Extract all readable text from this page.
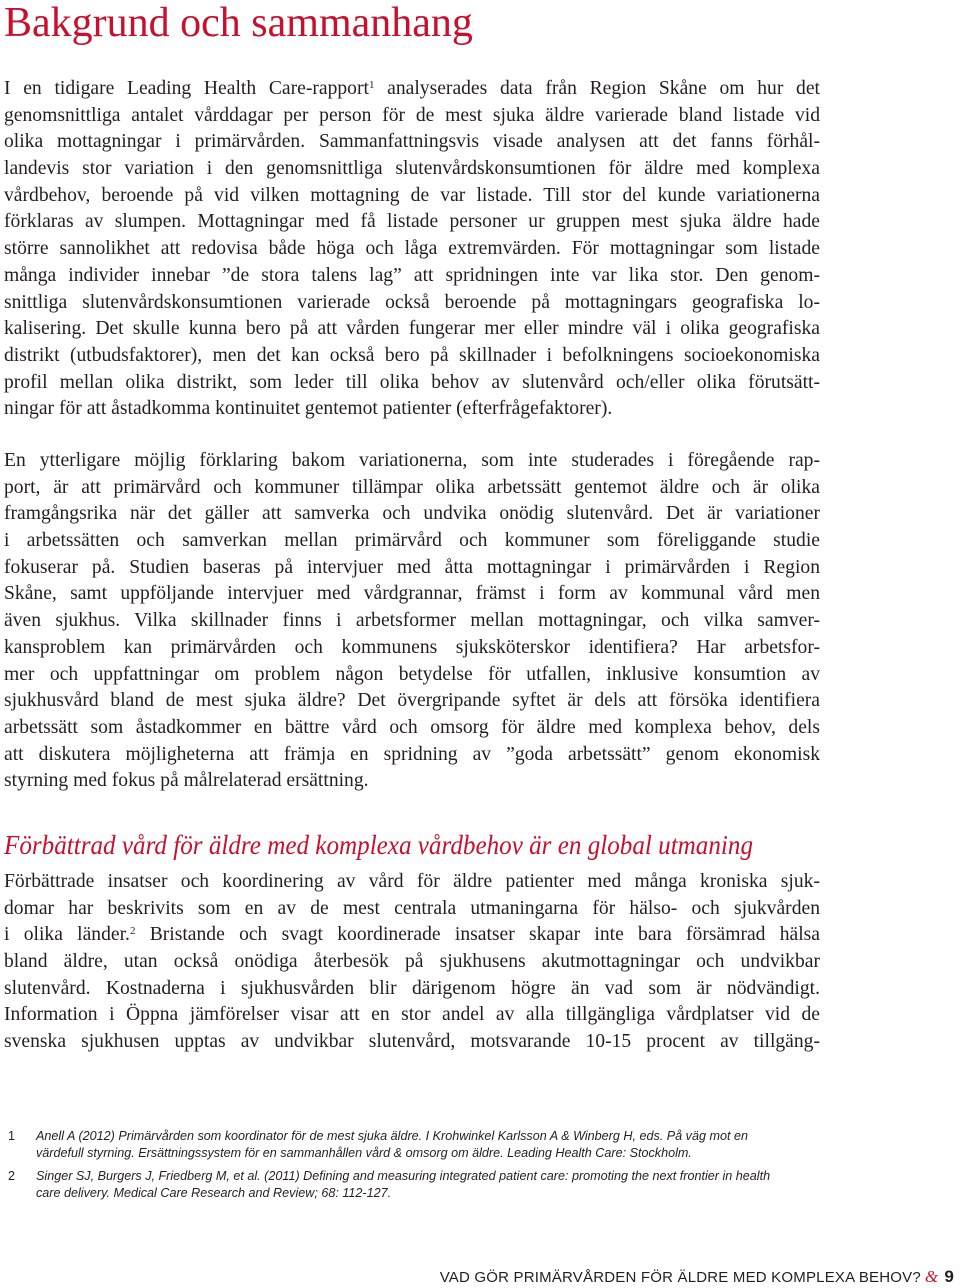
Bakgrund och sammanhang
I en tidigare Leading Health Care-rapport$^1$ analyserades data från Region Skåne om hur det
genomsnittliga antalet vårddagar per person för de mest sjuka äldre varierade bland listade vid
olika mottagningar i primärvården. Sammanfattningsvis visade analysen att det fanns förhål-
landevis stor variation i den genomsnittliga slutenvårdskonsumtionen för äldre med komplexa
vårdbehov, beroende på vid vilken mottagning de var listade. Till stor del kunde variationerna
förklaras av slumpen. Mottagningar med få listade personer ur gruppen mest sjuka äldre hade
större sannolikhet att redovisa både höga och låga extremvärden. För mottagningar som listade
många individer innebar ”de stora talens lag” att spridningen inte var lika stor. Den genom-
snittliga slutenvårdskonsumtionen varierade också beroende på mottagningars geografiska lo-
kalisering. Det skulle kunna bero på att vården fungerar mer eller mindre väl i olika geografiska
distrikt (utbudsfaktorer), men det kan också bero på skillnader i befolkningens socioekonomiska
profil mellan olika distrikt, som leder till olika behov av slutenvård och/eller olika förutsätt-
ningar för att åstadkomma kontinuitet gentemot patienter (efterfrågefaktorer).
En ytterligare möjlig förklaring bakom variationerna, som inte studerades i föregående rap-
port, är att primärvård och kommuner tillämpar olika arbetssätt gentemot äldre och är olika
framgångsrika när det gäller att samverka och undvika onödig slutenvård. Det är variationer
i arbetssätten och samverkan mellan primärvård och kommuner som föreliggande studie
fokuserar på. Studien baseras på intervjuer med åtta mottagningar i primärvården i Region
Skåne, samt uppföljande intervjuer med vårdgrannar, främst i form av kommunal vård men
även sjukhus. Vilka skillnader finns i arbetsformer mellan mottagningar, och vilka samver-
kansproblem kan primärvården och kommunens sjuksköterskor identifiera? Har arbetsfor-
mer och uppfattningar om problem någon betydelse för utfallen, inklusive konsumtion av
sjukhusvård bland de mest sjuka äldre? Det övergripande syftet är dels att försöka identifiera
arbetssätt som åstadkommer en bättre vård och omsorg för äldre med komplexa behov, dels
att diskutera möjligheterna att främja en spridning av ”goda arbetssätt” genom ekonomisk
styrning med fokus på målrelaterad ersättning.
Förbättrad vård för äldre med komplexa vårdbehov är en global utmaning
Förbättrade insatser och koordinering av vård för äldre patienter med många kroniska sjuk-
domar har beskrivits som en av de mest centrala utmaningarna för hälso- och sjukvården
i olika länder.$^2$ Bristande och svagt koordinerade insatser skapar inte bara försämrad hälsa
bland äldre, utan också onödiga återbesök på sjukhusens akutmottagningar och undvikbar
slutenvård. Kostnaderna i sjukhusvården blir därigenom högre än vad som är nödvändigt.
Information i Öppna jämförelser visar att en stor andel av alla tillgängliga vårdplatser vid de
svenska sjukhusen upptas av undvikbar slutenvård, motsvarande 10-15 procent av tillgäng-
1 Anell A (2012) Primärvården som koordinator för de mest sjuka äldre. I Krohwinkel Karlsson A & Winberg H, eds. På väg mot en
värdefull styrning. Ersättningssystem för en sammanhållen vård & omsorg om äldre. Leading Health Care: Stockholm.
2 Singer SJ, Burgers J, Friedberg M, et al. (2011) Defining and measuring integrated patient care: promoting the next frontier in health
care delivery. Medical Care Research and Review; 68: 112-127.
VAD GÖR PRIMÄRVÅRDEN FÖR ÄLDRE MED KOMPLEXA BEHOV? & 9
